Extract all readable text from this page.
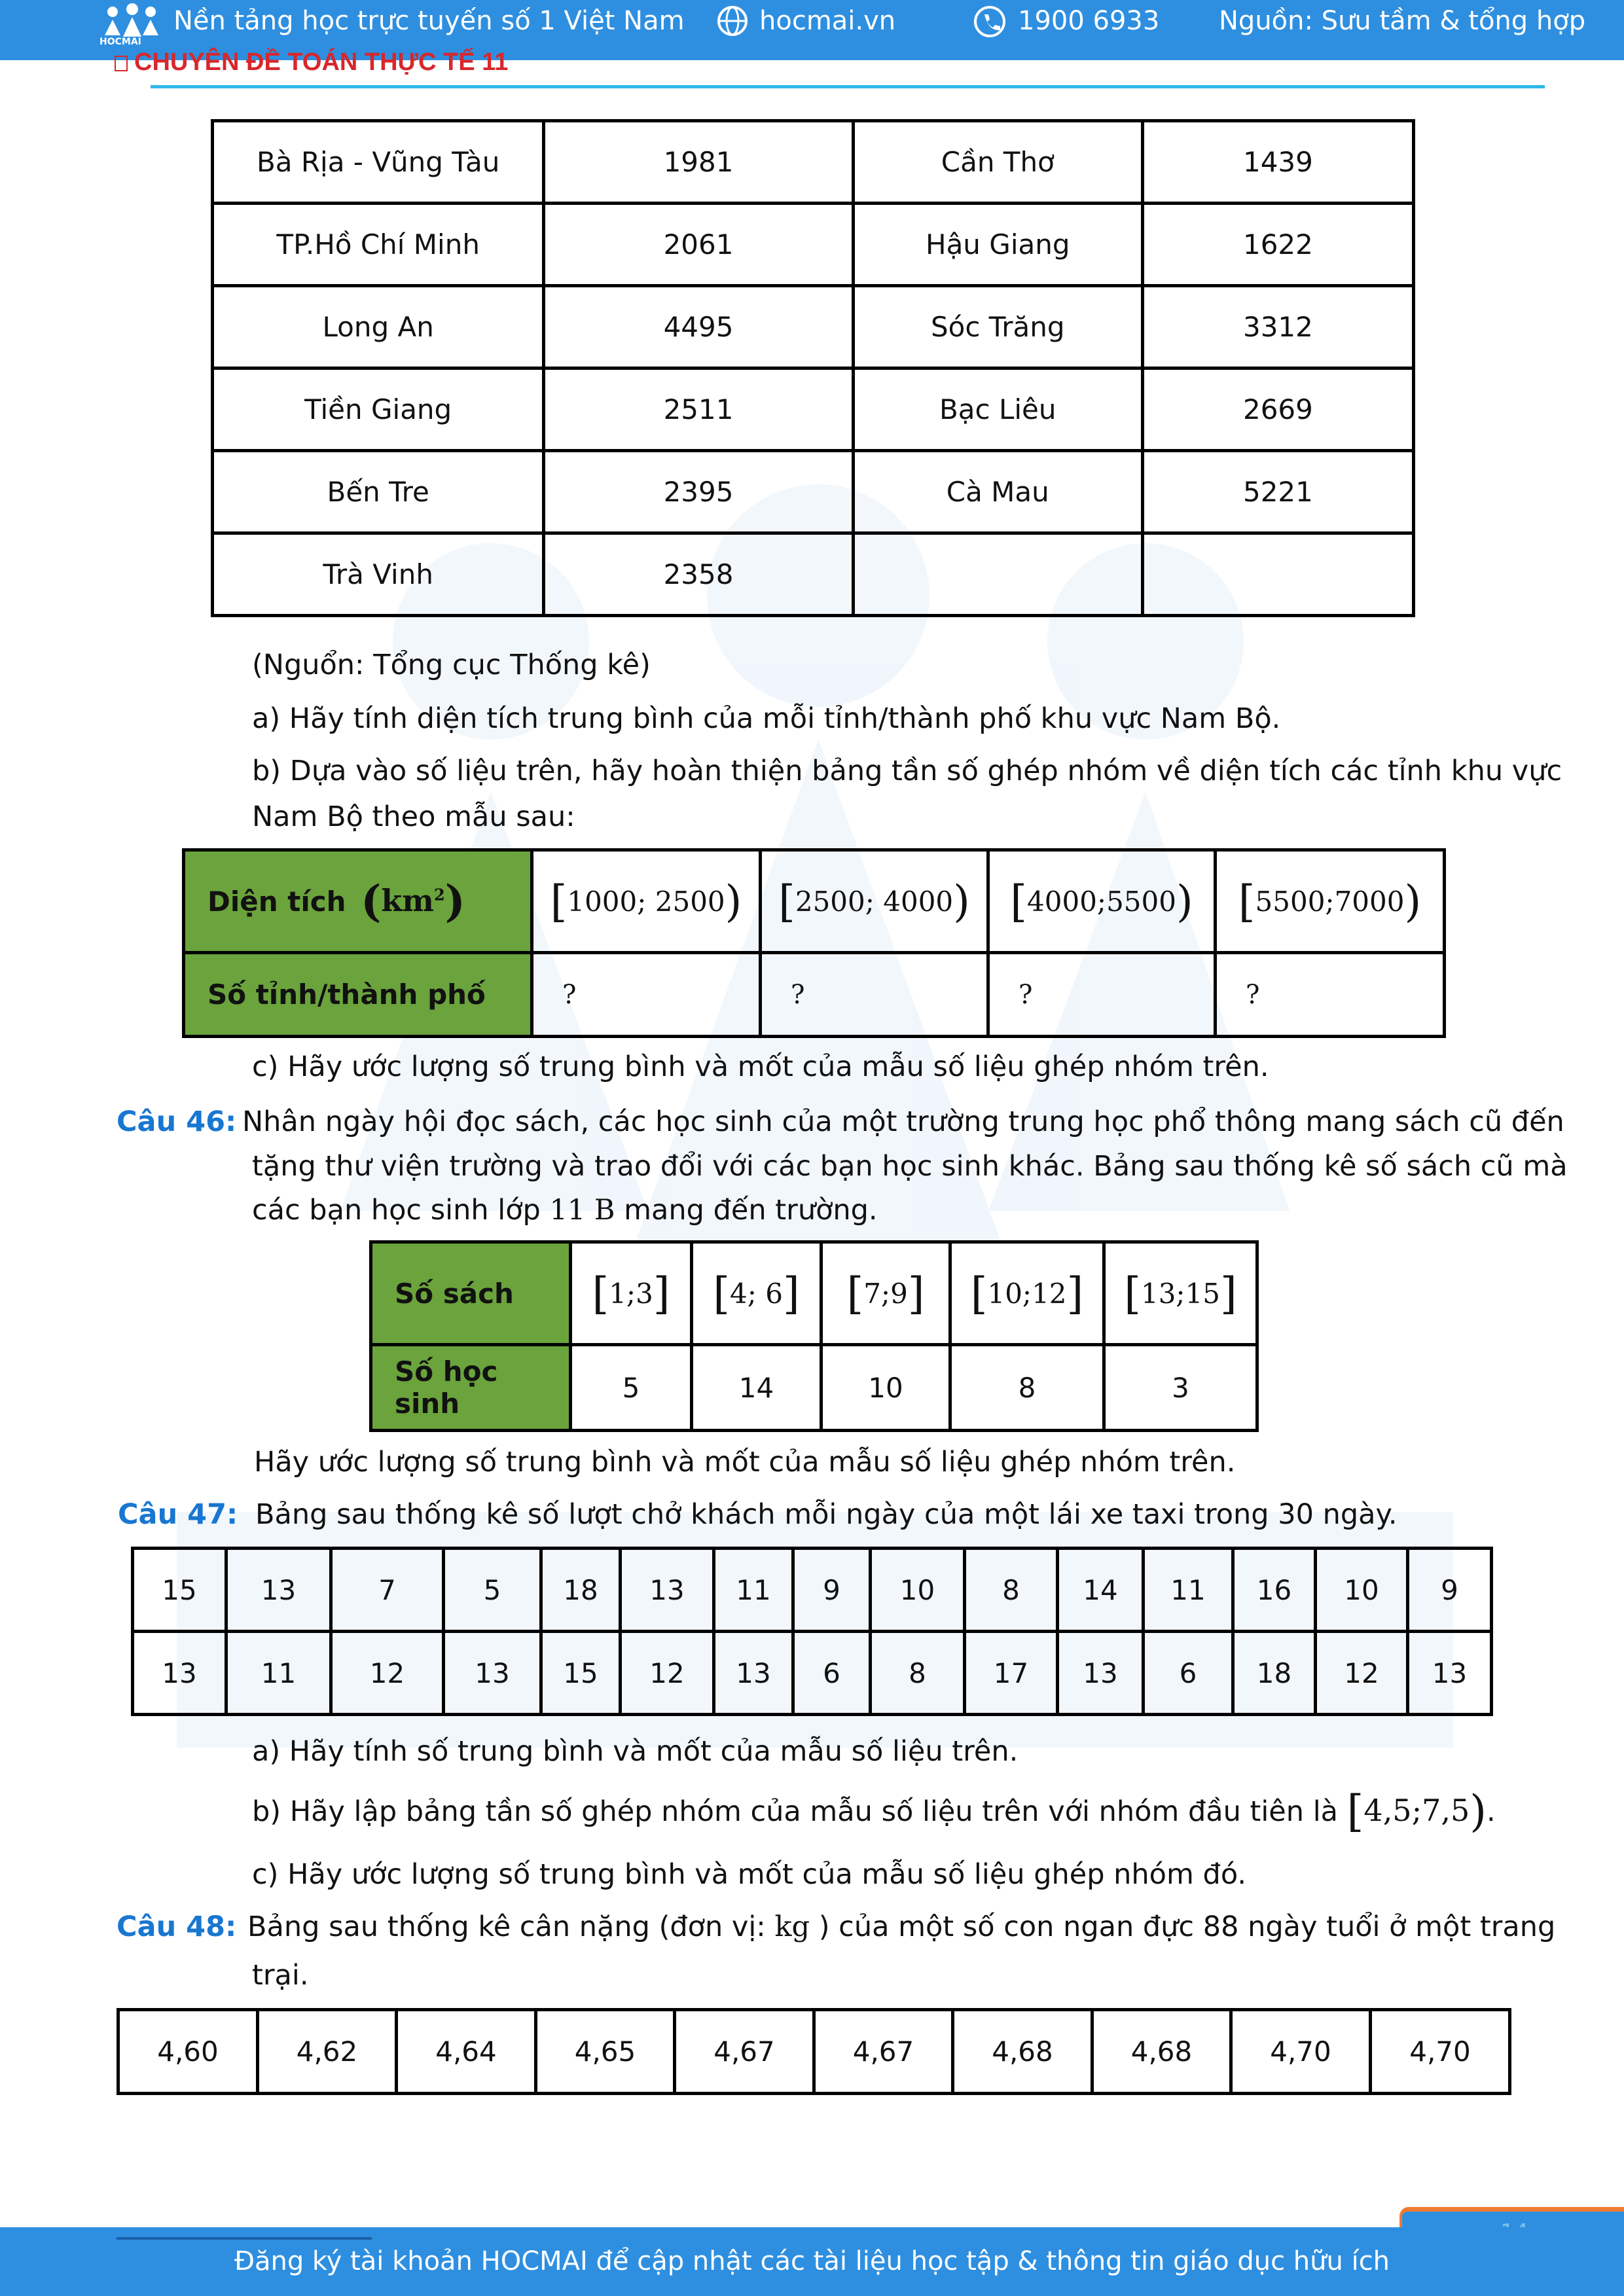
HOCMAI
Nền tảng học trực tuyến số 1 Việt Nam	hocmai.vn	1900 6933 Nguồn: Sưu tầm & tổng hợp
CHUYÊN ĐỀ TOÁN THỰC TẾ 11
Bà Rịa - Vũng Tàu	1981	Cần Thơ	1439
TP.Hồ Chí Minh	2061	Hậu Giang	1622
Long An	4495	Sóc Trăng	3312
Tiền Giang	2511	Bạc Liêu	2669
Bến Tre	2395	Cà Mau	5221
Trà Vinh	2358		
(Nguổn: Tổng cục Thống kê)
a) Hãy tính diện tích trung bình của mỗi tỉnh/thành phố khu vực Nam Bộ.
b) Dựa vào số liệu trên, hãy hoàn thiện bảng tần số ghép nhóm về diện tích các tỉnh khu vực
Nam Bộ theo mẫu sau:
Diện tích $(km^2)$	[1000; 2500)	[2500; 4000)	[4000;5500)	[5500;7000)
Số tỉnh/thành phố	?	?	?	?
c) Hãy ước lượng số trung bình và mốt của mẫu số liệu ghép nhóm trên.
Câu 46: Nhân ngày hội đọc sách, các học sinh của một trường trung học phổ thông mang sách cũ đến
tặng thư viện trường và trao đổi với các bạn học sinh khác. Bảng sau thống kê số sách cũ mà
các bạn học sinh lớp 11 B mang đến trường.
Số sách	[1;3]	[4; 6]	[7;9]	[10;12]	[13;15]
Số học sinh	5	14	10	8	3
Hãy ước lượng số trung bình và mốt của mẫu số liệu ghép nhóm trên.
Câu 47: Bảng sau thống kê số lượt chở khách mỗi ngày của một lái xe taxi trong 30 ngày.
15	13	7	5	18	13	11	9	10	8	14	11	16	10	9
13	11	12	13	15	12	13	6	8	17	13	6	18	12	13
a) Hãy tính số trung bình và mốt của mẫu số liệu trên.
b) Hãy lập bảng tần số ghép nhóm của mẫu số liệu trên với nhóm đầu tiên là [4,5;7,5).
c) Hãy ước lượng số trung bình và mốt của mẫu số liệu ghép nhóm đó.
Câu 48: Bảng sau thống kê cân nặng (đơn vị: kg ) của một số con ngan đực 88 ngày tuổi ở một trang
trại.
4,60	4,62	4,64	4,65	4,67	4,67	4,68	4,68	4,70	4,70
Đăng ký tài khoản HOCMAI để cập nhật các tài liệu học tập & thông tin giáo dục hữu ích
